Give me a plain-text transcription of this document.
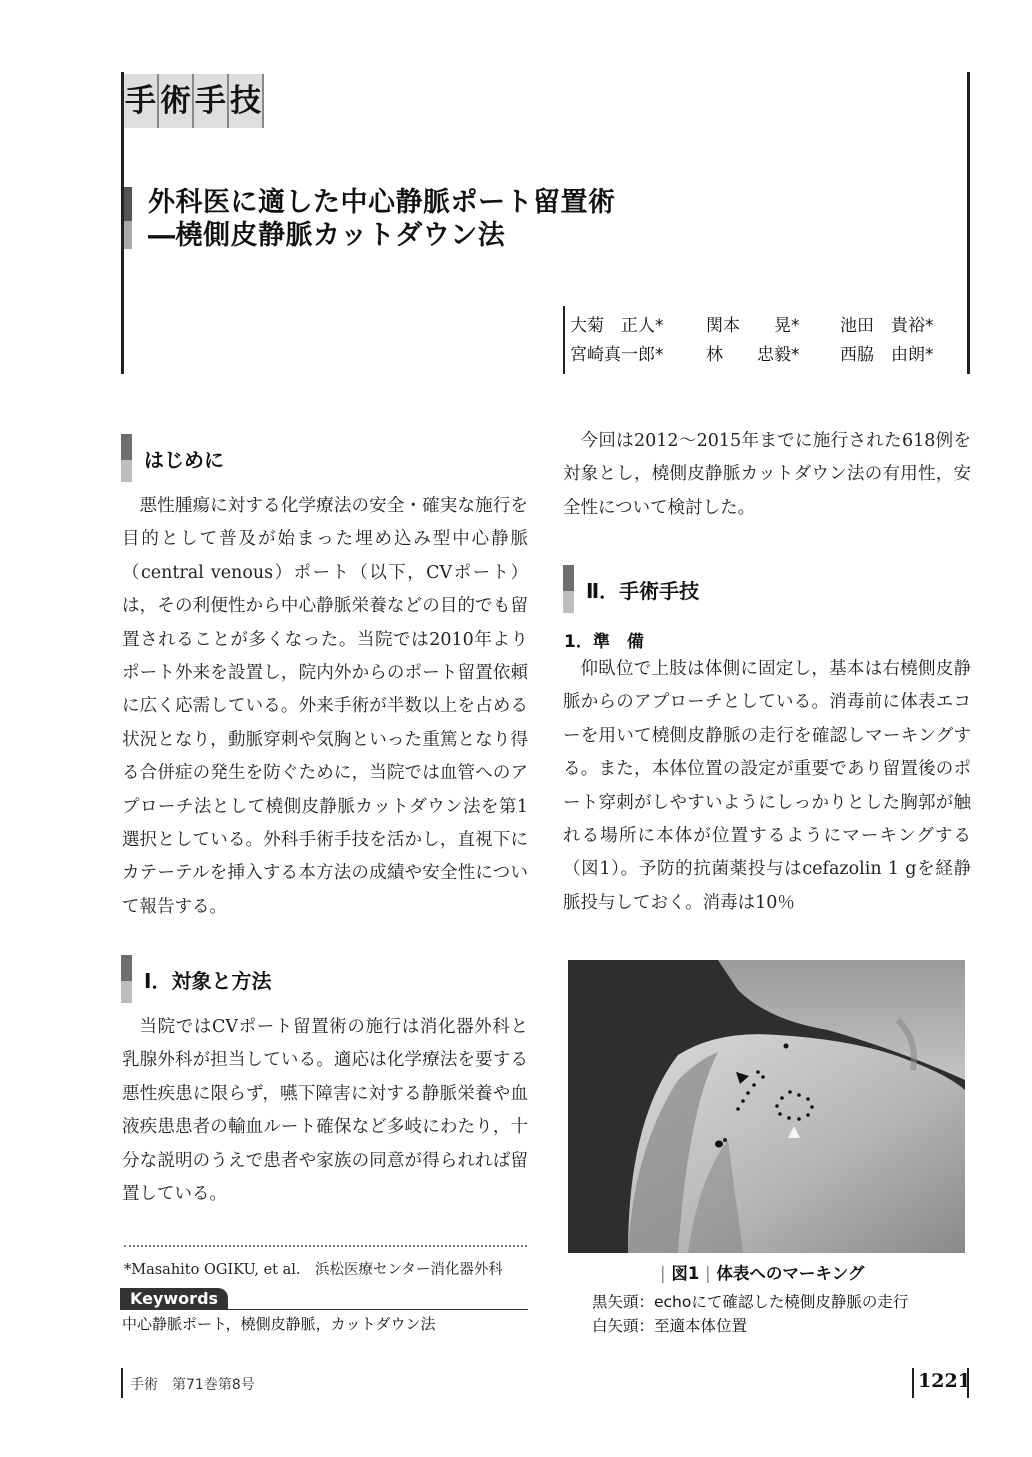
手 術 手 技
外科医に適した中心静脈ポート留置術
―橈側皮静脈カットダウン法
大菊　正人*	関本　　晃*	池田　貴裕*
宮崎真一郎*	林　　忠毅*	西脇　由朗*
はじめに

悪性腫瘍に対する化学療法の安全・確実な施行を目的として普及が始まった埋め込み型中心静脈（central venous）ポート（以下，CVポート）は，その利便性から中心静脈栄養などの目的でも留置されることが多くなった。当院では2010年よりポート外来を設置し，院内外からのポート留置依頼に広く応需している。外来手術が半数以上を占める状況となり，動脈穿刺や気胸といった重篤となり得る合併症の発生を防ぐために，当院では血管へのアプローチ法として橈側皮静脈カットダウン法を第1選択としている。外科手術手技を活かし，直視下にカテーテルを挿入する本方法の成績や安全性について報告する。

Ⅰ．対象と方法

当院ではCVポート留置術の施行は消化器外科と乳腺外科が担当している。適応は化学療法を要する悪性疾患に限らず，嚥下障害に対する静脈栄養や血液疾患患者の輸血ルート確保など多岐にわたり，十分な説明のうえで患者や家族の同意が得られれば留置している。

*Masahito OGIKU, et al.　浜松医療センター消化器外科
Keywords
中心静脈ポート，橈側皮静脈，カットダウン法

今回は2012～2015年までに施行された618例を対象とし，橈側皮静脈カットダウン法の有用性，安全性について検討した。

Ⅱ．手術手技
1．準　備

仰臥位で上肢は体側に固定し，基本は右橈側皮静脈からのアプローチとしている。消毒前に体表エコーを用いて橈側皮静脈の走行を確認しマーキングする。また，本体位置の設定が重要であり留置後のポート穿刺がしやすいようにしっかりとした胸郭が触れる場所に本体が位置するようにマーキングする（図1）。予防的抗菌薬投与はcefazolin 1 gを経静脈投与しておく。消毒は10％

| 図1 | 体表へのマーキング
黒矢頭：echoにて確認した橈側皮静脈の走行
白矢頭：至適本体位置
手術　第71巻第8号	1221
